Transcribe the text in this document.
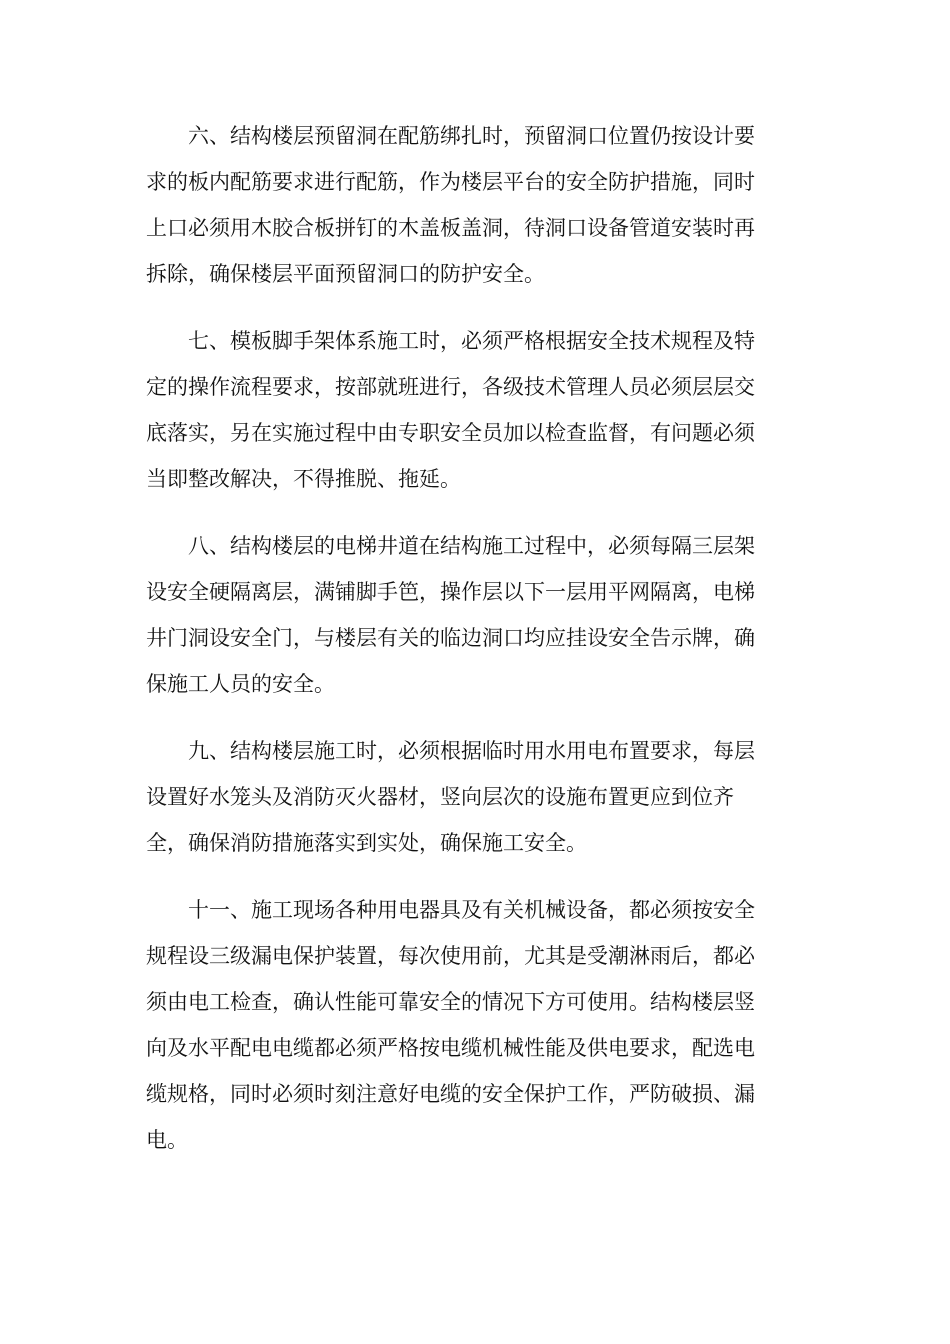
六、结构楼层预留洞在配筋绑扎时，预留洞口位置仍按设计要
求的板内配筋要求进行配筋，作为楼层平台的安全防护措施，同时
上口必须用木胶合板拼钉的木盖板盖洞，待洞口设备管道安装时再
拆除，确保楼层平面预留洞口的防护安全。

七、模板脚手架体系施工时，必须严格根据安全技术规程及特
定的操作流程要求，按部就班进行，各级技术管理人员必须层层交
底落实，另在实施过程中由专职安全员加以检查监督，有问题必须
当即整改解决，不得推脱、拖延。

八、结构楼层的电梯井道在结构施工过程中，必须每隔三层架
设安全硬隔离层，满铺脚手笆，操作层以下一层用平网隔离，电梯
井门洞设安全门，与楼层有关的临边洞口均应挂设安全告示牌，确
保施工人员的安全。

九、结构楼层施工时，必须根据临时用水用电布置要求，每层
设置好水笼头及消防灭火器材，竖向层次的设施布置更应到位齐
全，确保消防措施落实到实处，确保施工安全。

十一、施工现场各种用电器具及有关机械设备，都必须按安全
规程设三级漏电保护装置，每次使用前，尤其是受潮淋雨后，都必
须由电工检查，确认性能可靠安全的情况下方可使用。结构楼层竖
向及水平配电电缆都必须严格按电缆机械性能及供电要求，配选电
缆规格，同时必须时刻注意好电缆的安全保护工作，严防破损、漏
电。
